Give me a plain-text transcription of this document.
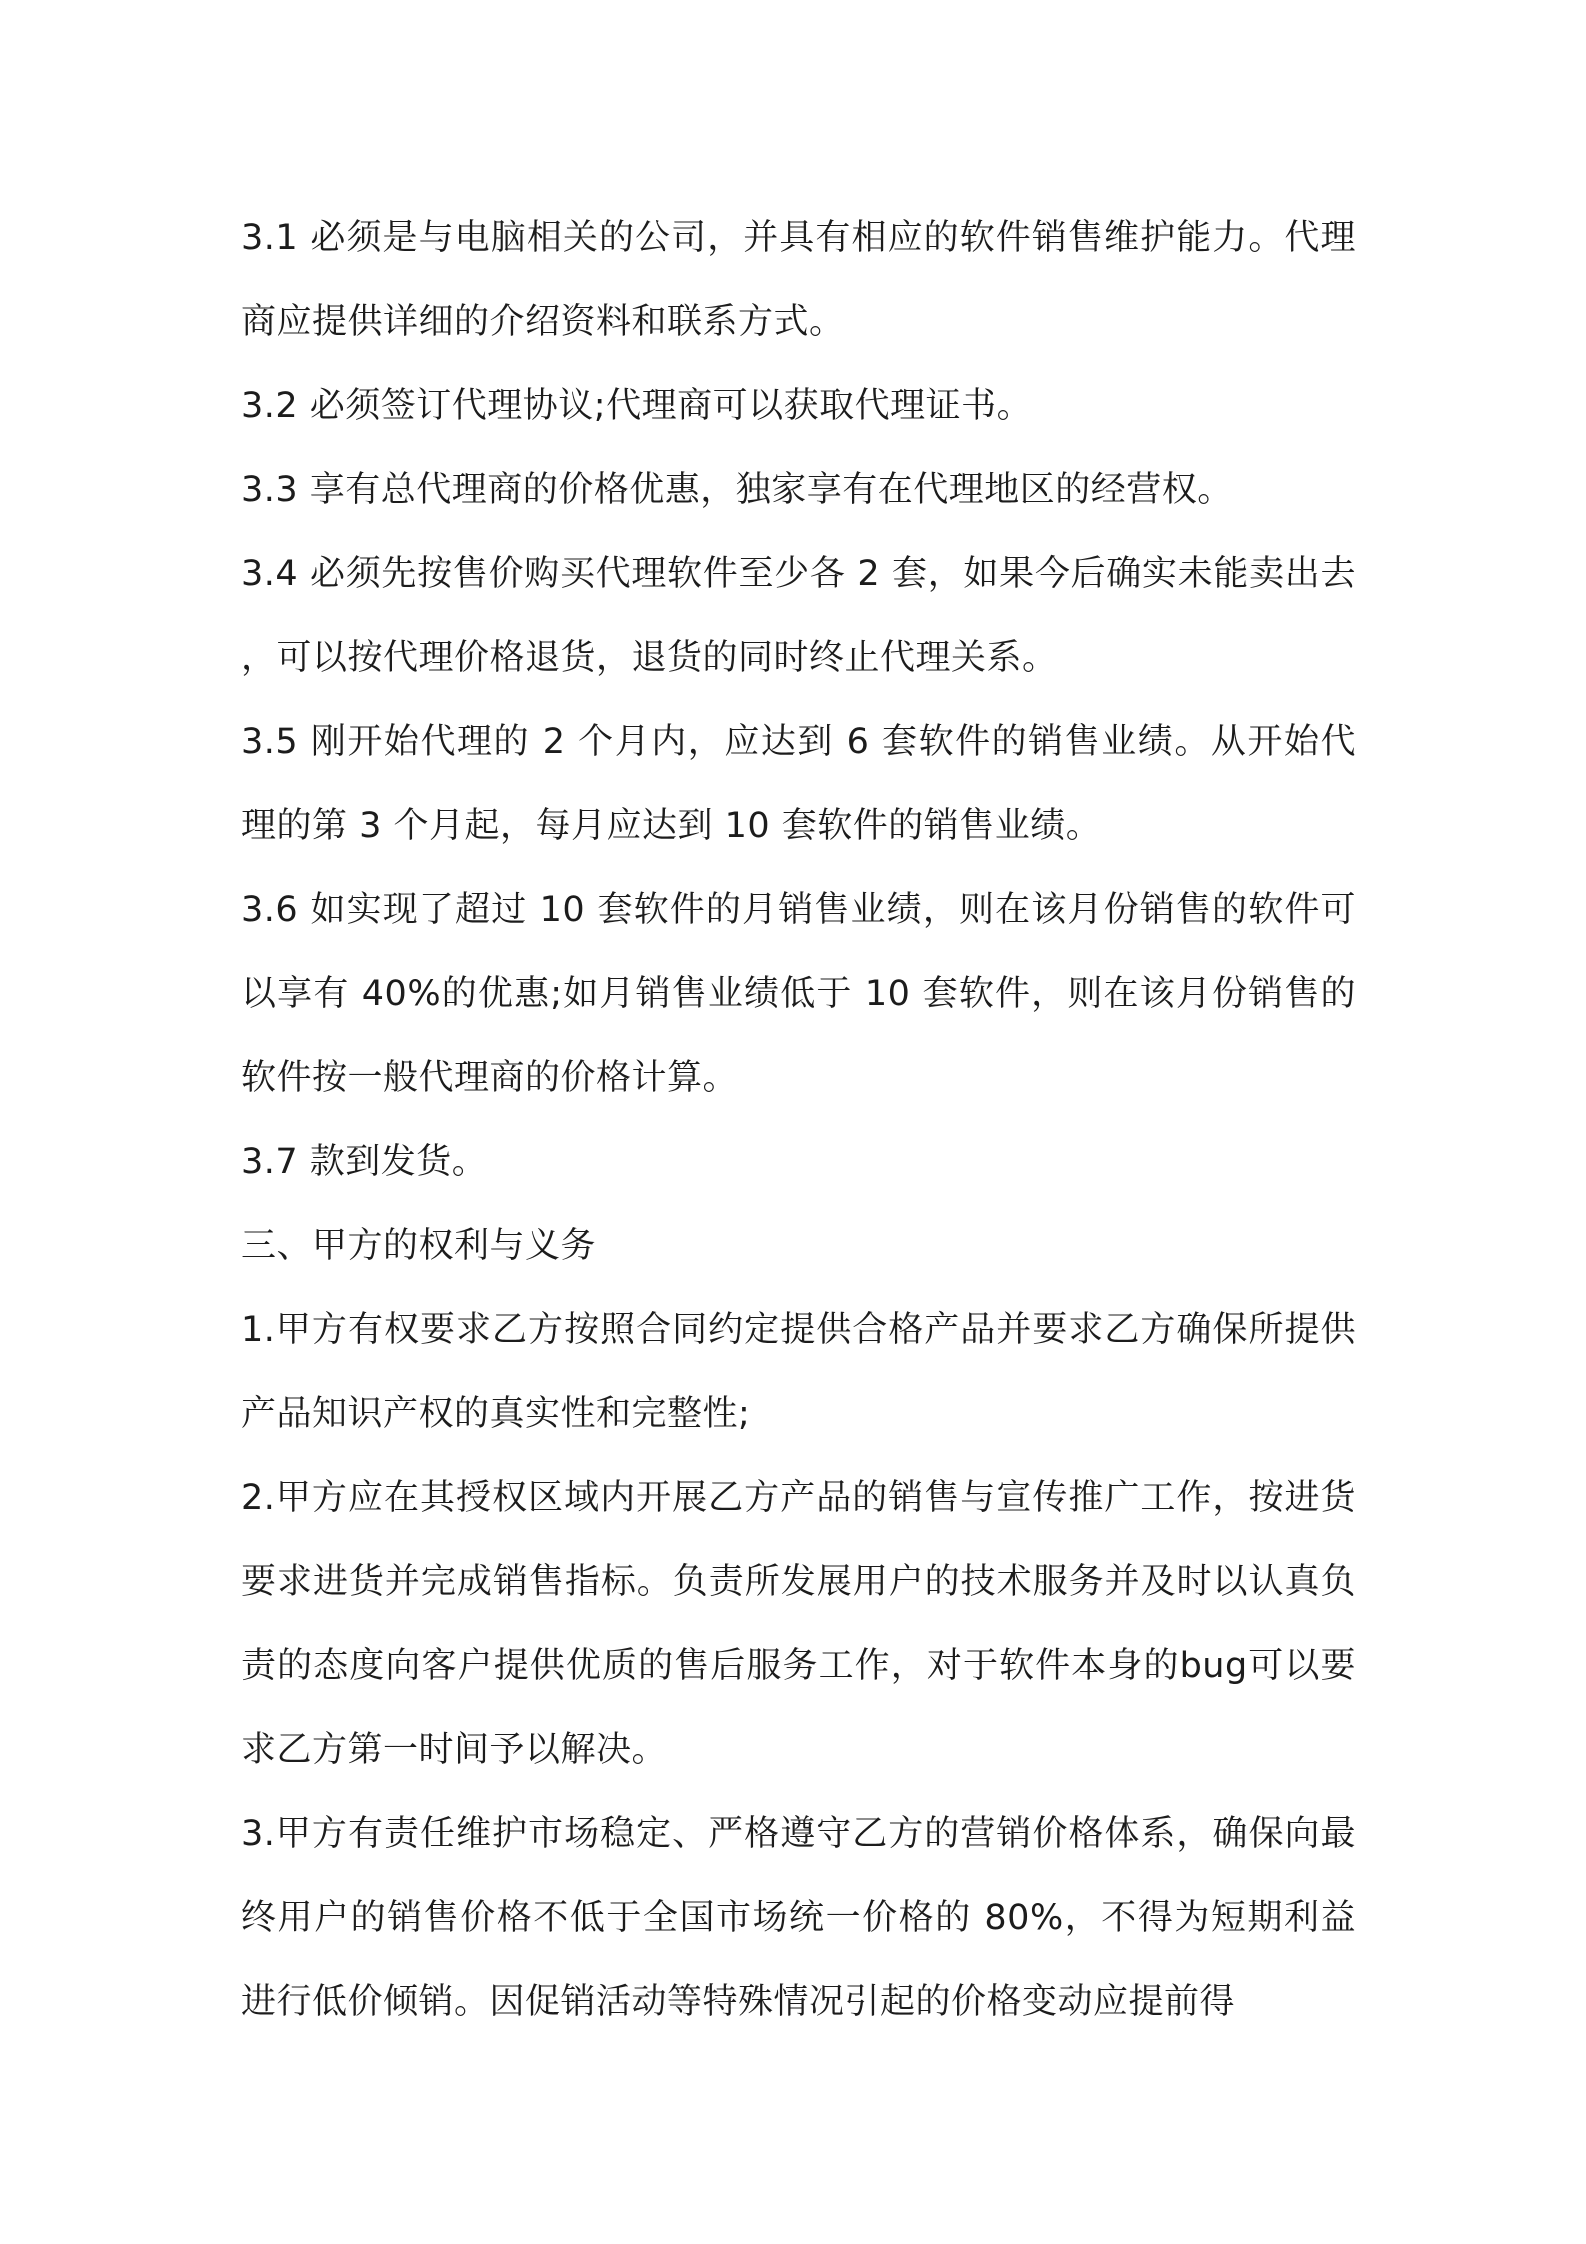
3.1 必须是与电脑相关的公司，并具有相应的软件销售维护能力。代理商应提供详细的介绍资料和联系方式。

3.2 必须签订代理协议;代理商可以获取代理证书。

3.3 享有总代理商的价格优惠，独家享有在代理地区的经营权。

3.4 必须先按售价购买代理软件至少各 2 套，如果今后确实未能卖出去，可以按代理价格退货，退货的同时终止代理关系。

3.5 刚开始代理的 2 个月内，应达到 6 套软件的销售业绩。从开始代理的第 3 个月起，每月应达到 10 套软件的销售业绩。

3.6 如实现了超过 10 套软件的月销售业绩，则在该月份销售的软件可以享有 40%的优惠;如月销售业绩低于 10 套软件，则在该月份销售的软件按一般代理商的价格计算。

3.7 款到发货。

三、甲方的权利与义务

1.甲方有权要求乙方按照合同约定提供合格产品并要求乙方确保所提供产品知识产权的真实性和完整性;

2.甲方应在其授权区域内开展乙方产品的销售与宣传推广工作，按进货要求进货并完成销售指标。负责所发展用户的技术服务并及时以认真负责的态度向客户提供优质的售后服务工作，对于软件本身的bug可以要求乙方第一时间予以解决。

3.甲方有责任维护市场稳定、严格遵守乙方的营销价格体系，确保向最终用户的销售价格不低于全国市场统一价格的 80%，不得为短期利益进行低价倾销。因促销活动等特殊情况引起的价格变动应提前得
